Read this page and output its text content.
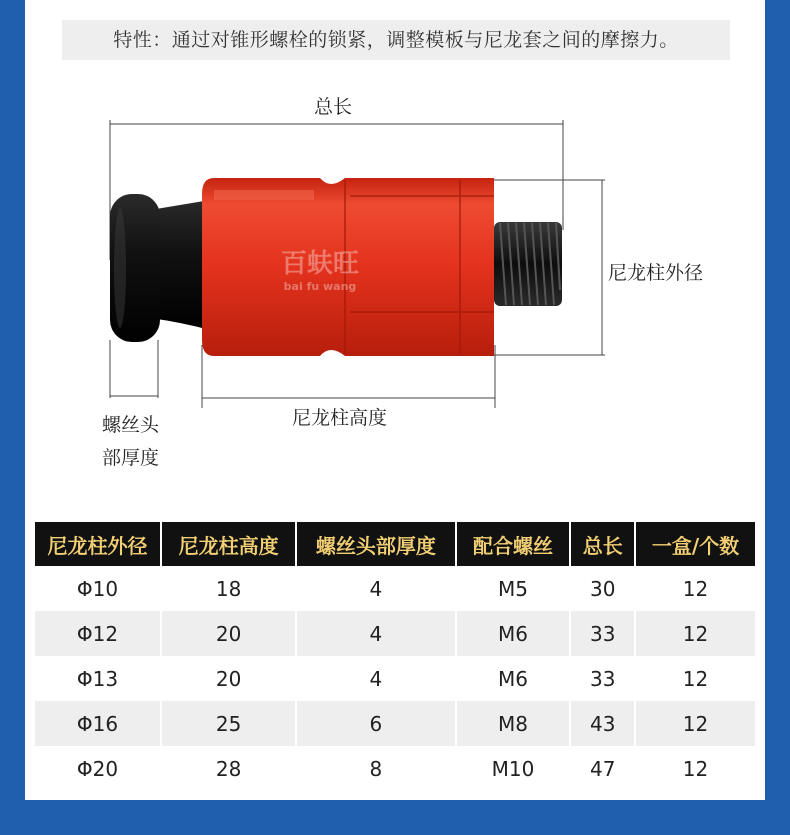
特性：通过对锥形螺栓的锁紧，调整模板与尼龙套之间的摩擦力。
百蚨旺
bai fu wang
总长
尼龙柱外径
尼龙柱高度
螺丝头
部厚度
尼龙柱外径	尼龙柱高度	螺丝头部厚度	配合螺丝	总长	一盒/个数
Φ10	18	4	M5	30	12
Φ12	20	4	M6	33	12
Φ13	20	4	M6	33	12
Φ16	25	6	M8	43	12
Φ20	28	8	M10	47	12
